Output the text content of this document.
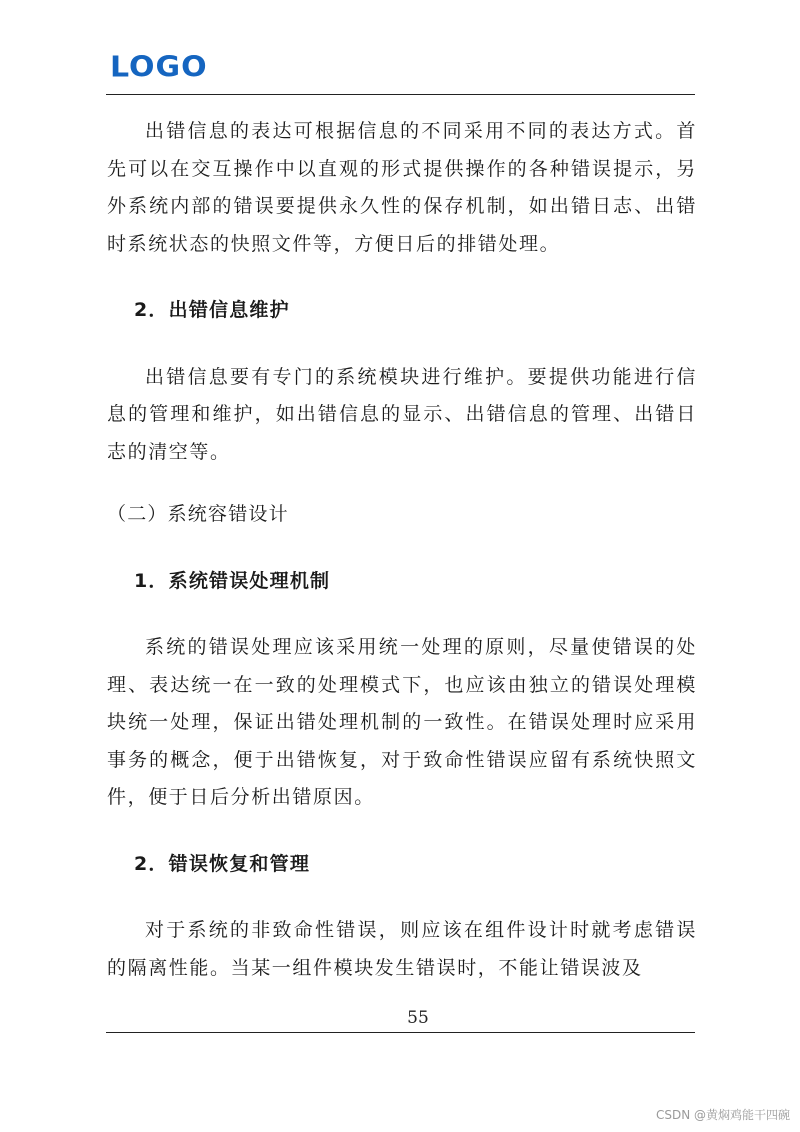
LOGO

出错信息的表达可根据信息的不同采用不同的表达方式。首先可以在交互操作中以直观的形式提供操作的各种错误提示，另外系统内部的错误要提供永久性的保存机制，如出错日志、出错时系统状态的快照文件等，方便日后的排错处理。

2．出错信息维护

出错信息要有专门的系统模块进行维护。要提供功能进行信息的管理和维护，如出错信息的显示、出错信息的管理、出错日志的清空等。

（二）系统容错设计

1．系统错误处理机制

系统的错误处理应该采用统一处理的原则，尽量使错误的处理、表达统一在一致的处理模式下，也应该由独立的错误处理模块统一处理，保证出错处理机制的一致性。在错误处理时应采用事务的概念，便于出错恢复，对于致命性错误应留有系统快照文件，便于日后分析出错原因。

2．错误恢复和管理

对于系统的非致命性错误，则应该在组件设计时就考虑错误的隔离性能。当某一组件模块发生错误时，不能让错误波及

55
CSDN @黄焖鸡能干四碗
